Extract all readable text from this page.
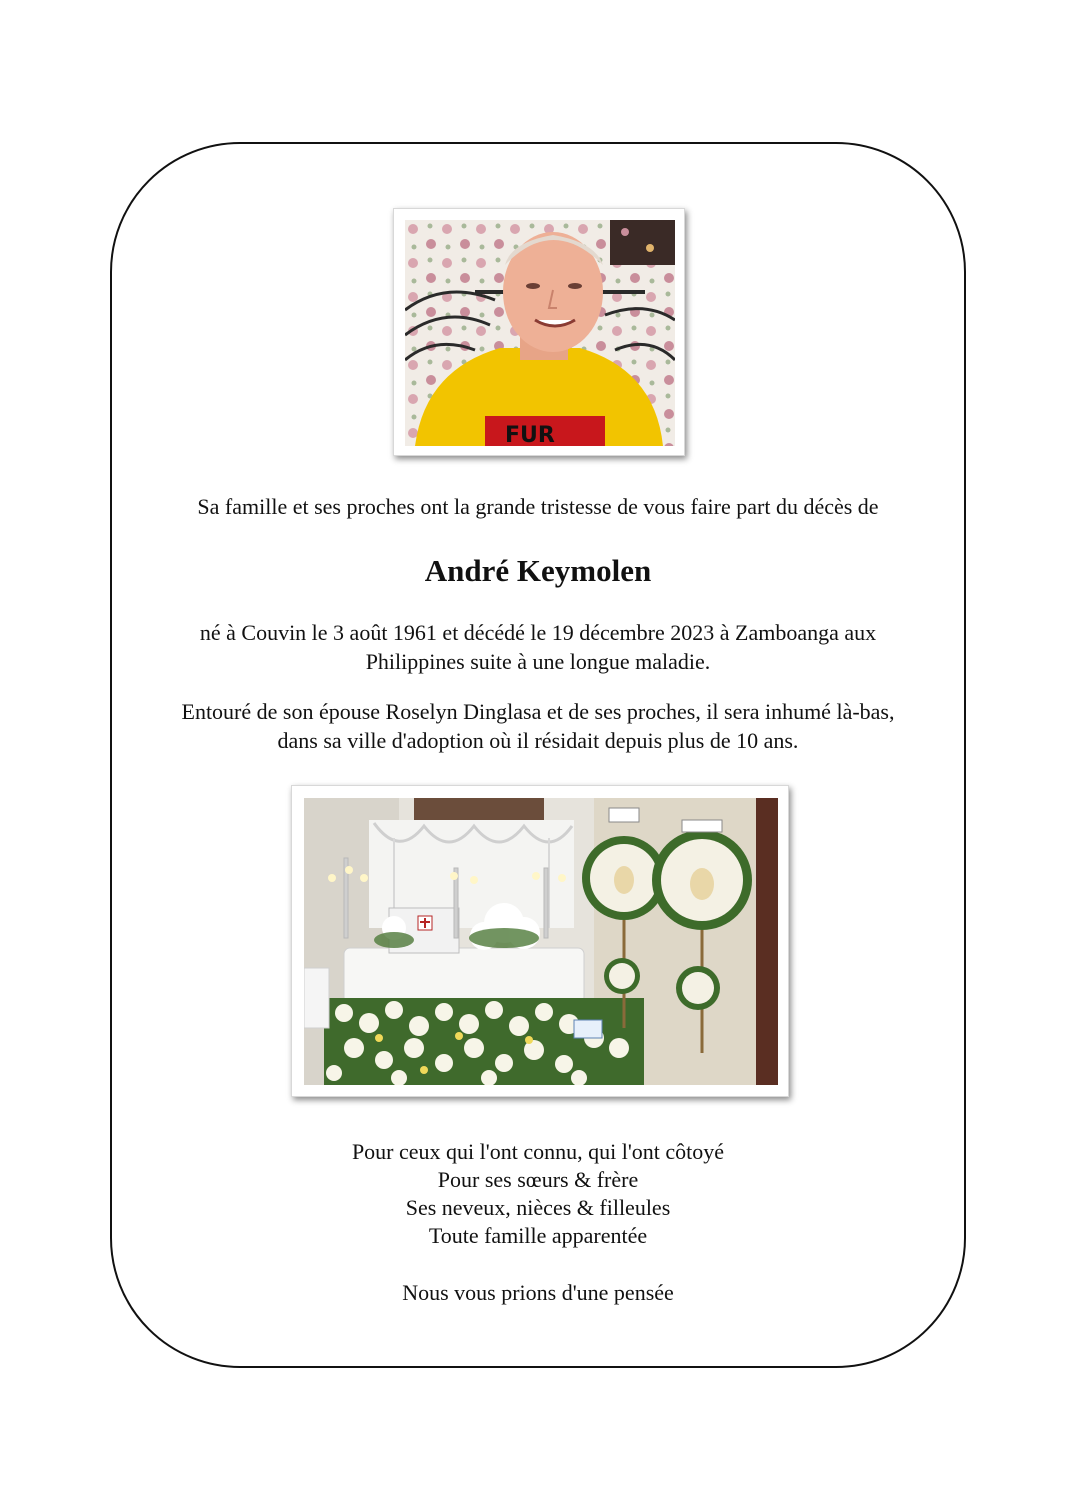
FUR

Sa famille et ses proches ont la grande tristesse de vous faire part du décès de

André Keymolen

né à Couvin le 3 août 1961 et décédé le 19 décembre 2023 à Zamboanga aux

Philippines suite à une longue maladie.

Entouré de son épouse Roselyn Dinglasa et de ses proches, il sera inhumé là-bas,

dans sa ville d'adoption où il résidait depuis plus de 10 ans.

Pour ceux qui l'ont connu, qui l'ont côtoyé

Pour ses sœurs & frère

Ses neveux, nièces & filleules

Toute famille apparentée

Nous vous prions d'une pensée
